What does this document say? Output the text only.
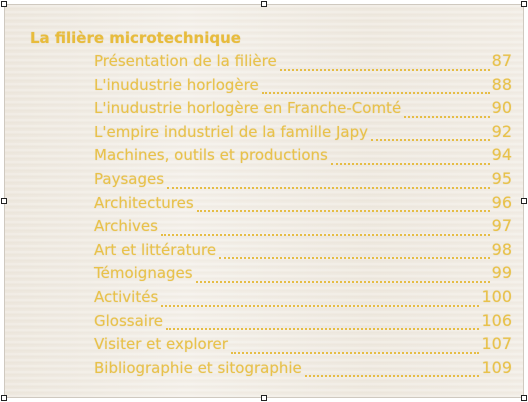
La filière microtechnique
Présentation de la filière	87
L'inudustrie horlogère	88
L'inudustrie horlogère en Franche-Comté	90
L'empire industriel de la famille Japy	92
Machines, outils et productions	94
Paysages	95
Architectures	96
Archives	97
Art et littérature	98
Témoignages	99
Activités	100
Glossaire	106
Visiter et explorer	107
Bibliographie et sitographie	109
